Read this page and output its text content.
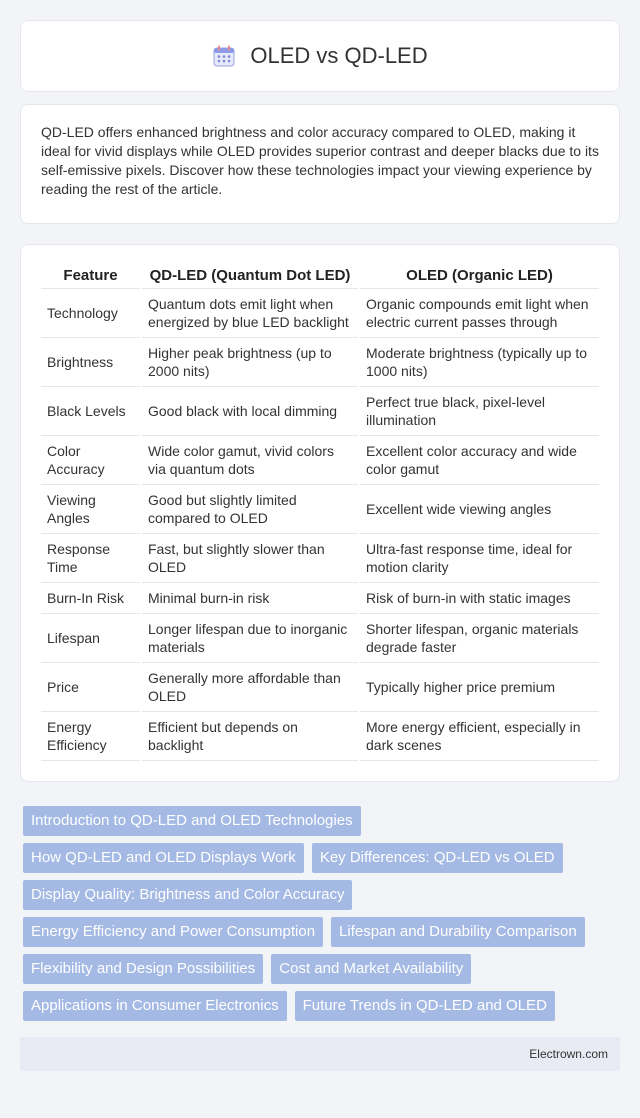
OLED vs QD-LED

QD-LED offers enhanced brightness and color accuracy compared to OLED, making it ideal for vivid displays while OLED provides superior contrast and deeper blacks due to its self-emissive pixels. Discover how these technologies impact your viewing experience by reading the rest of the article.

Feature	QD-LED (Quantum Dot LED)	OLED (Organic LED)
Technology	Quantum dots emit light when energized by blue LED backlight	Organic compounds emit light when electric current passes through
Brightness	Higher peak brightness (up to 2000 nits)	Moderate brightness (typically up to 1000 nits)
Black Levels	Good black with local dimming	Perfect true black, pixel-level illumination
Color Accuracy	Wide color gamut, vivid colors via quantum dots	Excellent color accuracy and wide color gamut
Viewing Angles	Good but slightly limited compared to OLED	Excellent wide viewing angles
Response Time	Fast, but slightly slower than OLED	Ultra-fast response time, ideal for motion clarity
Burn-In Risk	Minimal burn-in risk	Risk of burn-in with static images
Lifespan	Longer lifespan due to inorganic materials	Shorter lifespan, organic materials degrade faster
Price	Generally more affordable than OLED	Typically higher price premium
Energy Efficiency	Efficient but depends on backlight	More energy efficient, especially in dark scenes
Introduction to QD-LED and OLED Technologies
How QD-LED and OLED Displays Work	Key Differences: QD-LED vs OLED
Display Quality: Brightness and Color Accuracy
Energy Efficiency and Power Consumption	Lifespan and Durability Comparison
Flexibility and Design Possibilities	Cost and Market Availability
Applications in Consumer Electronics	Future Trends in QD-LED and OLED
Electrown.com
